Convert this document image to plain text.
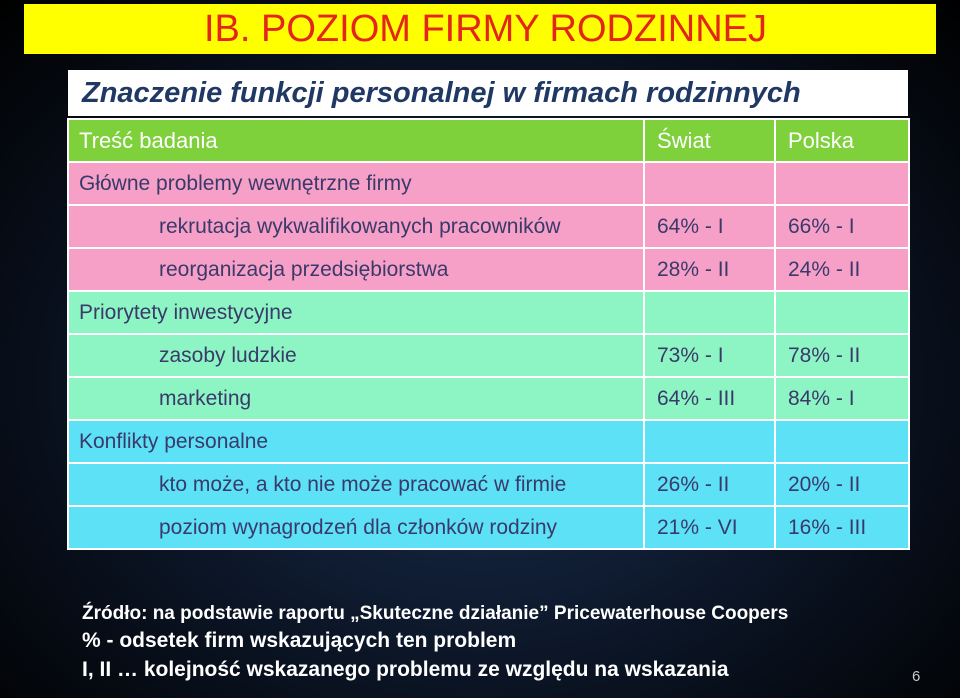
IB. POZIOM FIRMY RODZINNEJ
Znaczenie funkcji personalnej w firmach rodzinnych
Treść badania	Świat	Polska
Główne problemy wewnętrzne firmy		
rekrutacja wykwalifikowanych pracowników	64% - I	66% - I
reorganizacja przedsiębiorstwa	28% - II	24% - II
Priorytety inwestycyjne		
zasoby ludzkie	73% - I	78% - II
marketing	64% - III	84% - I
Konflikty personalne		
kto może, a kto nie może pracować w firmie	26% - II	20% - II
poziom wynagrodzeń dla członków rodziny	21% - VI	16% - III
Źródło: na podstawie raportu „Skuteczne działanie” Pricewaterhouse Coopers
% - odsetek firm wskazujących ten problem
I, II … kolejność wskazanego problemu ze względu na wskazania	6
